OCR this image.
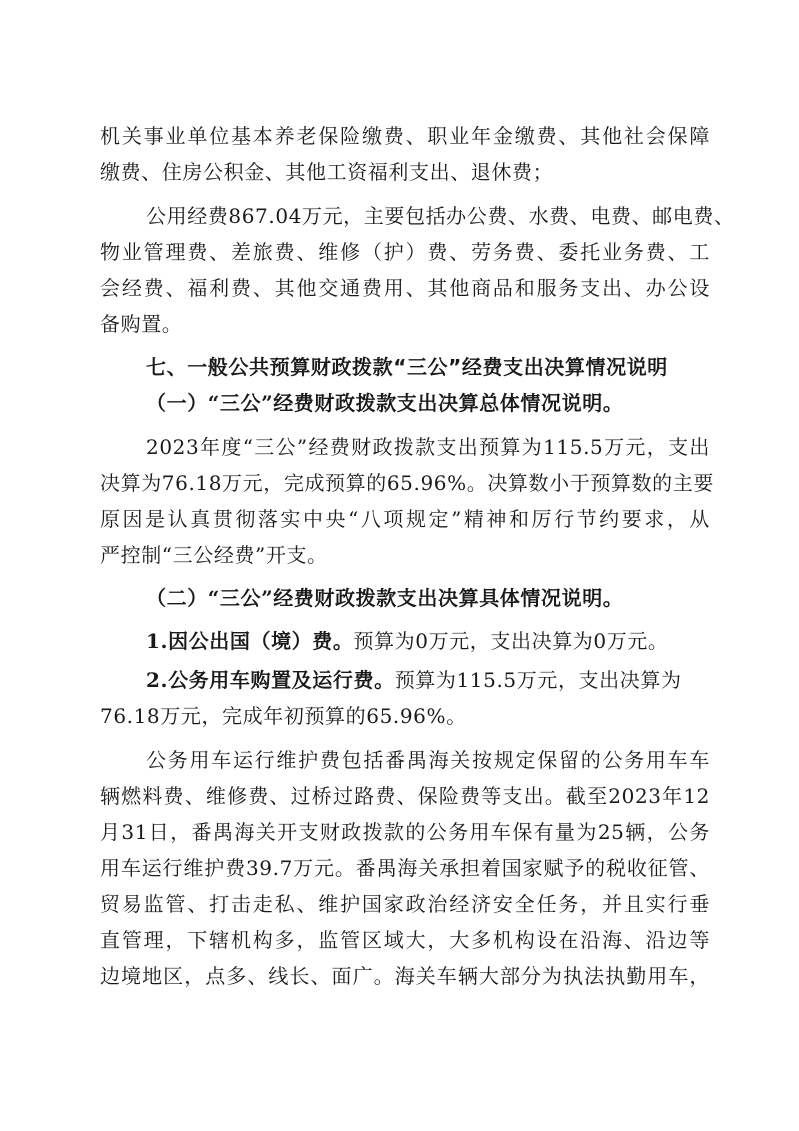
机关事业单位基本养老保险缴费、职业年金缴费、其他社会保障
缴费、住房公积金、其他工资福利支出、退休费；
公用经费867.04万元，主要包括办公费、水费、电费、邮电费、
物业管理费、差旅费、维修（护）费、劳务费、委托业务费、工
会经费、福利费、其他交通费用、其他商品和服务支出、办公设
备购置。
七、一般公共预算财政拨款“三公”经费支出决算情况说明
（一）“三公”经费财政拨款支出决算总体情况说明。
2023年度“三公”经费财政拨款支出预算为115.5万元，支出
决算为76.18万元，完成预算的65.96%。决算数小于预算数的主要
原因是认真贯彻落实中央“八项规定”精神和厉行节约要求，从
严控制“三公经费”开支。
（二）“三公”经费财政拨款支出决算具体情况说明。
1.因公出国（境）费。预算为0万元，支出决算为0万元。
2.公务用车购置及运行费。预算为115.5万元，支出决算为
76.18万元，完成年初预算的65.96%。
公务用车运行维护费包括番禺海关按规定保留的公务用车车
辆燃料费、维修费、过桥过路费、保险费等支出。截至2023年12
月31日，番禺海关开支财政拨款的公务用车保有量为25辆，公务
用车运行维护费39.7万元。番禺海关承担着国家赋予的税收征管、
贸易监管、打击走私、维护国家政治经济安全任务，并且实行垂
直管理，下辖机构多，监管区域大，大多机构设在沿海、沿边等
边境地区，点多、线长、面广。海关车辆大部分为执法执勤用车，
